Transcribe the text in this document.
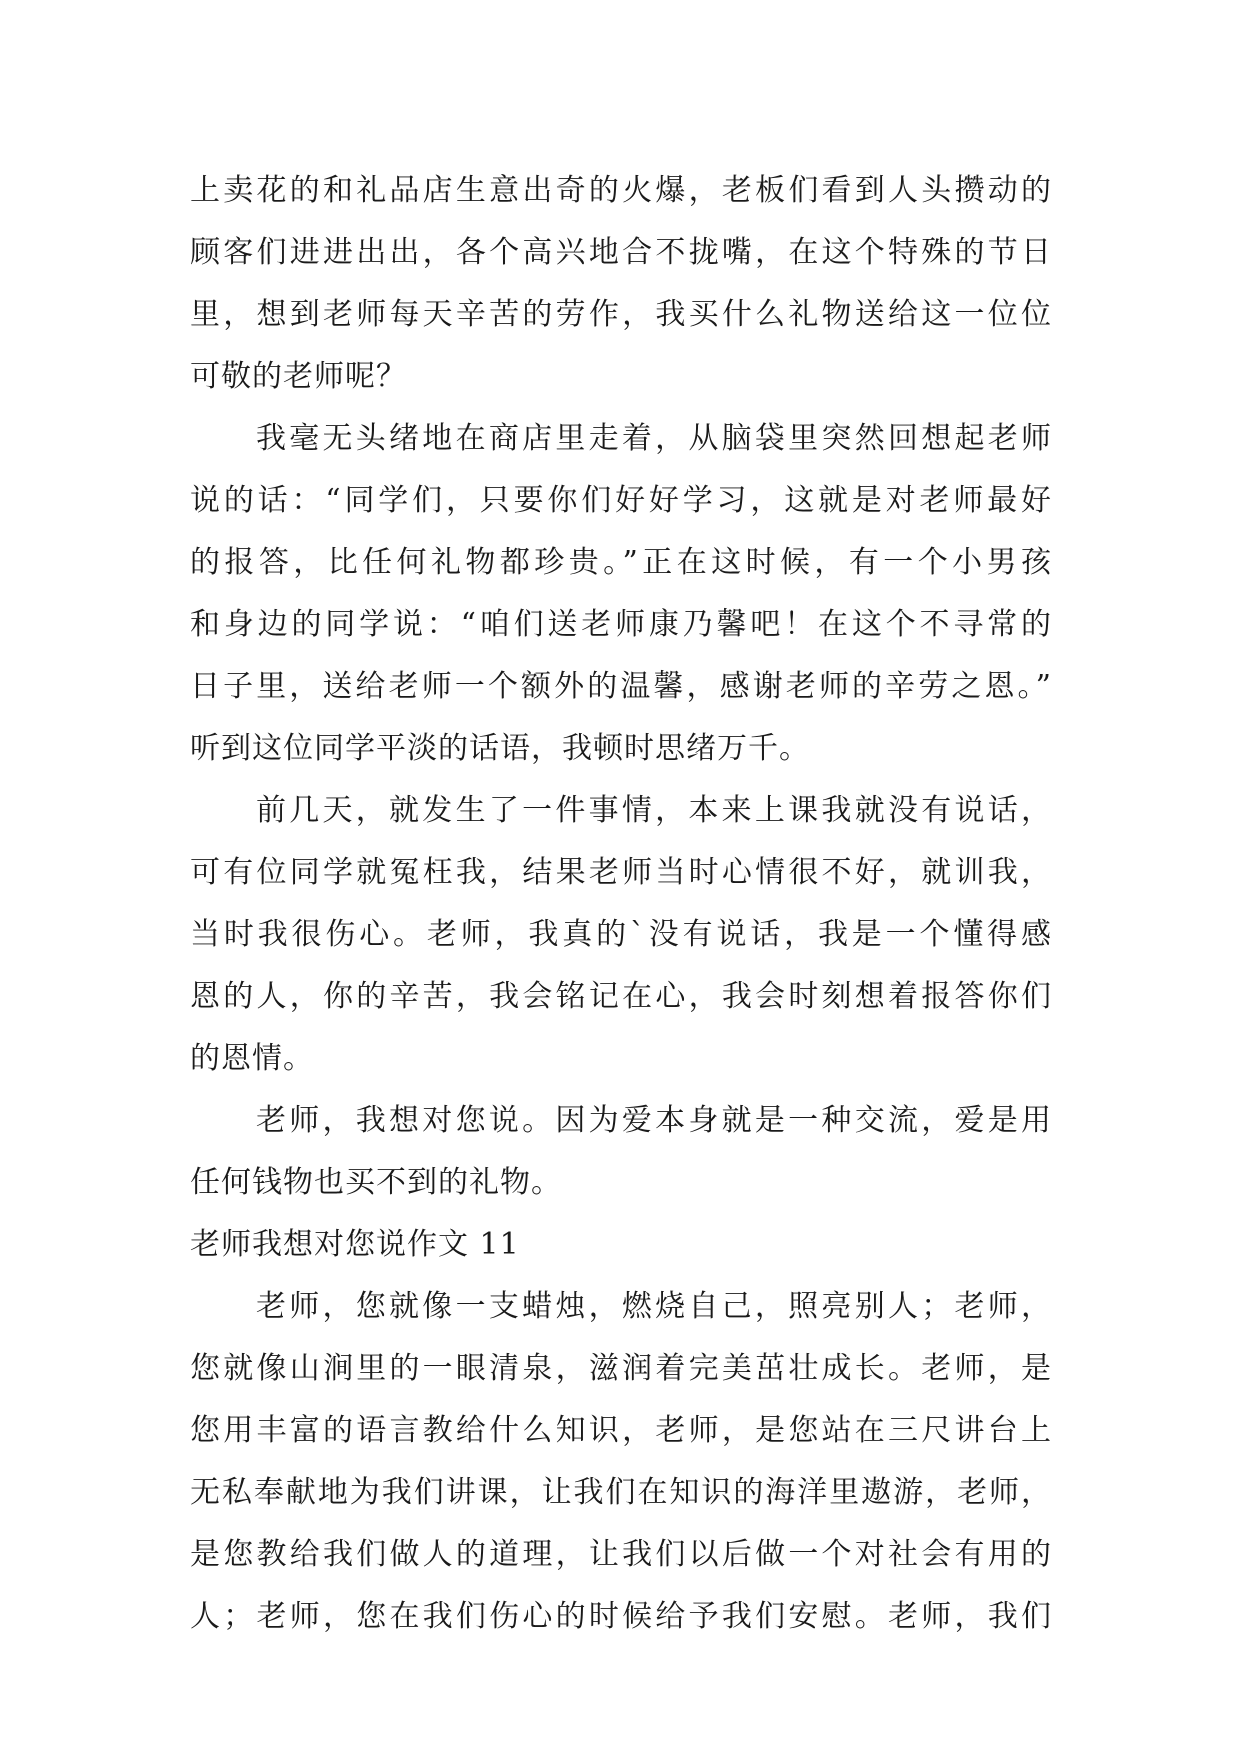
上卖花的和礼品店生意出奇的火爆，老板们看到人头攒动的
顾客们进进出出，各个高兴地合不拢嘴，在这个特殊的节日
里，想到老师每天辛苦的劳作，我买什么礼物送给这一位位
可敬的老师呢？
我毫无头绪地在商店里走着，从脑袋里突然回想起老师
说的话：“同学们，只要你们好好学习，这就是对老师最好
的报答，比任何礼物都珍贵。”正在这时候，有一个小男孩
和身边的同学说：“咱们送老师康乃馨吧！在这个不寻常的
日子里，送给老师一个额外的温馨，感谢老师的辛劳之恩。”
听到这位同学平淡的话语，我顿时思绪万千。
前几天，就发生了一件事情，本来上课我就没有说话，
可有位同学就冤枉我，结果老师当时心情很不好，就训我，
当时我很伤心。老师，我真的`没有说话，我是一个懂得感
恩的人，你的辛苦，我会铭记在心，我会时刻想着报答你们
的恩情。
老师，我想对您说。因为爱本身就是一种交流，爱是用
任何钱物也买不到的礼物。
老师我想对您说作文 11
老师，您就像一支蜡烛，燃烧自己，照亮别人；老师，
您就像山涧里的一眼清泉，滋润着完美茁壮成长。老师，是
您用丰富的语言教给什么知识，老师，是您站在三尺讲台上
无私奉献地为我们讲课，让我们在知识的海洋里遨游，老师，
是您教给我们做人的道理，让我们以后做一个对社会有用的
人；老师，您在我们伤心的时候给予我们安慰。老师，我们
